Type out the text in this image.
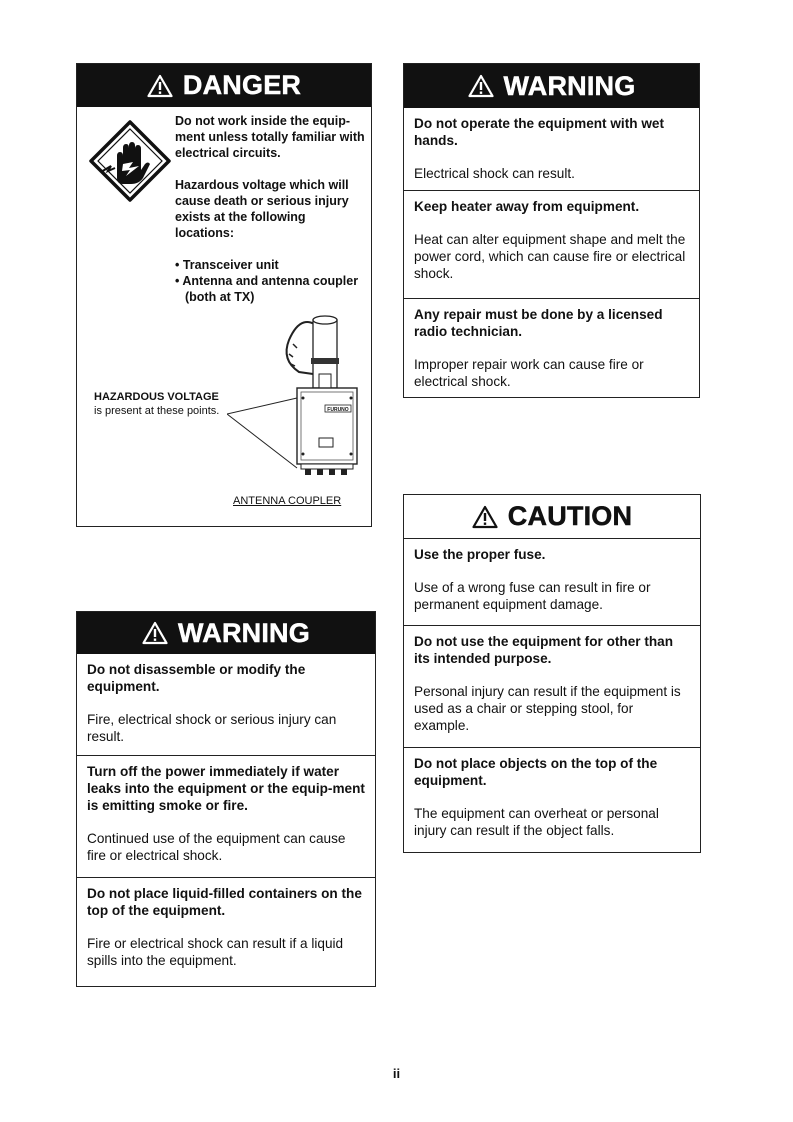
DANGER
Do not work inside the equip-ment unless totally familiar with electrical circuits.
Hazardous voltage which will cause death or serious injury exists at the following locations:
• Transceiver unit
• Antenna and antenna coupler (both at TX)
HAZARDOUS VOLTAGE
is present at these points.	FURUNO
ANTENNA COUPLER
WARNING
Do not operate the equipment with wet hands.
Electrical shock can result.
Keep heater away from equipment.
Heat can alter equipment shape and melt the power cord, which can cause fire or electrical shock.
Any repair must be done by a licensed radio technician.
Improper repair work can cause fire or electrical shock.
CAUTION
Use the proper fuse.
Use of a wrong fuse can result in fire or permanent equipment damage.
Do not use the equipment for other than its intended purpose.
Personal injury can result if the equipment is used as a chair or stepping stool, for example.
Do not place objects on the top of the equipment.
The equipment can overheat or personal injury can result if the object falls.
WARNING
Do not disassemble or modify the equipment.
Fire, electrical shock or serious injury can result.
Turn off the power immediately if water leaks into the equipment or the equip-ment is emitting smoke or fire.
Continued use of the equipment can cause fire or electrical shock.
Do not place liquid-filled containers on the top of the equipment.
Fire or electrical shock can result if a liquid spills into the equipment.
ii
